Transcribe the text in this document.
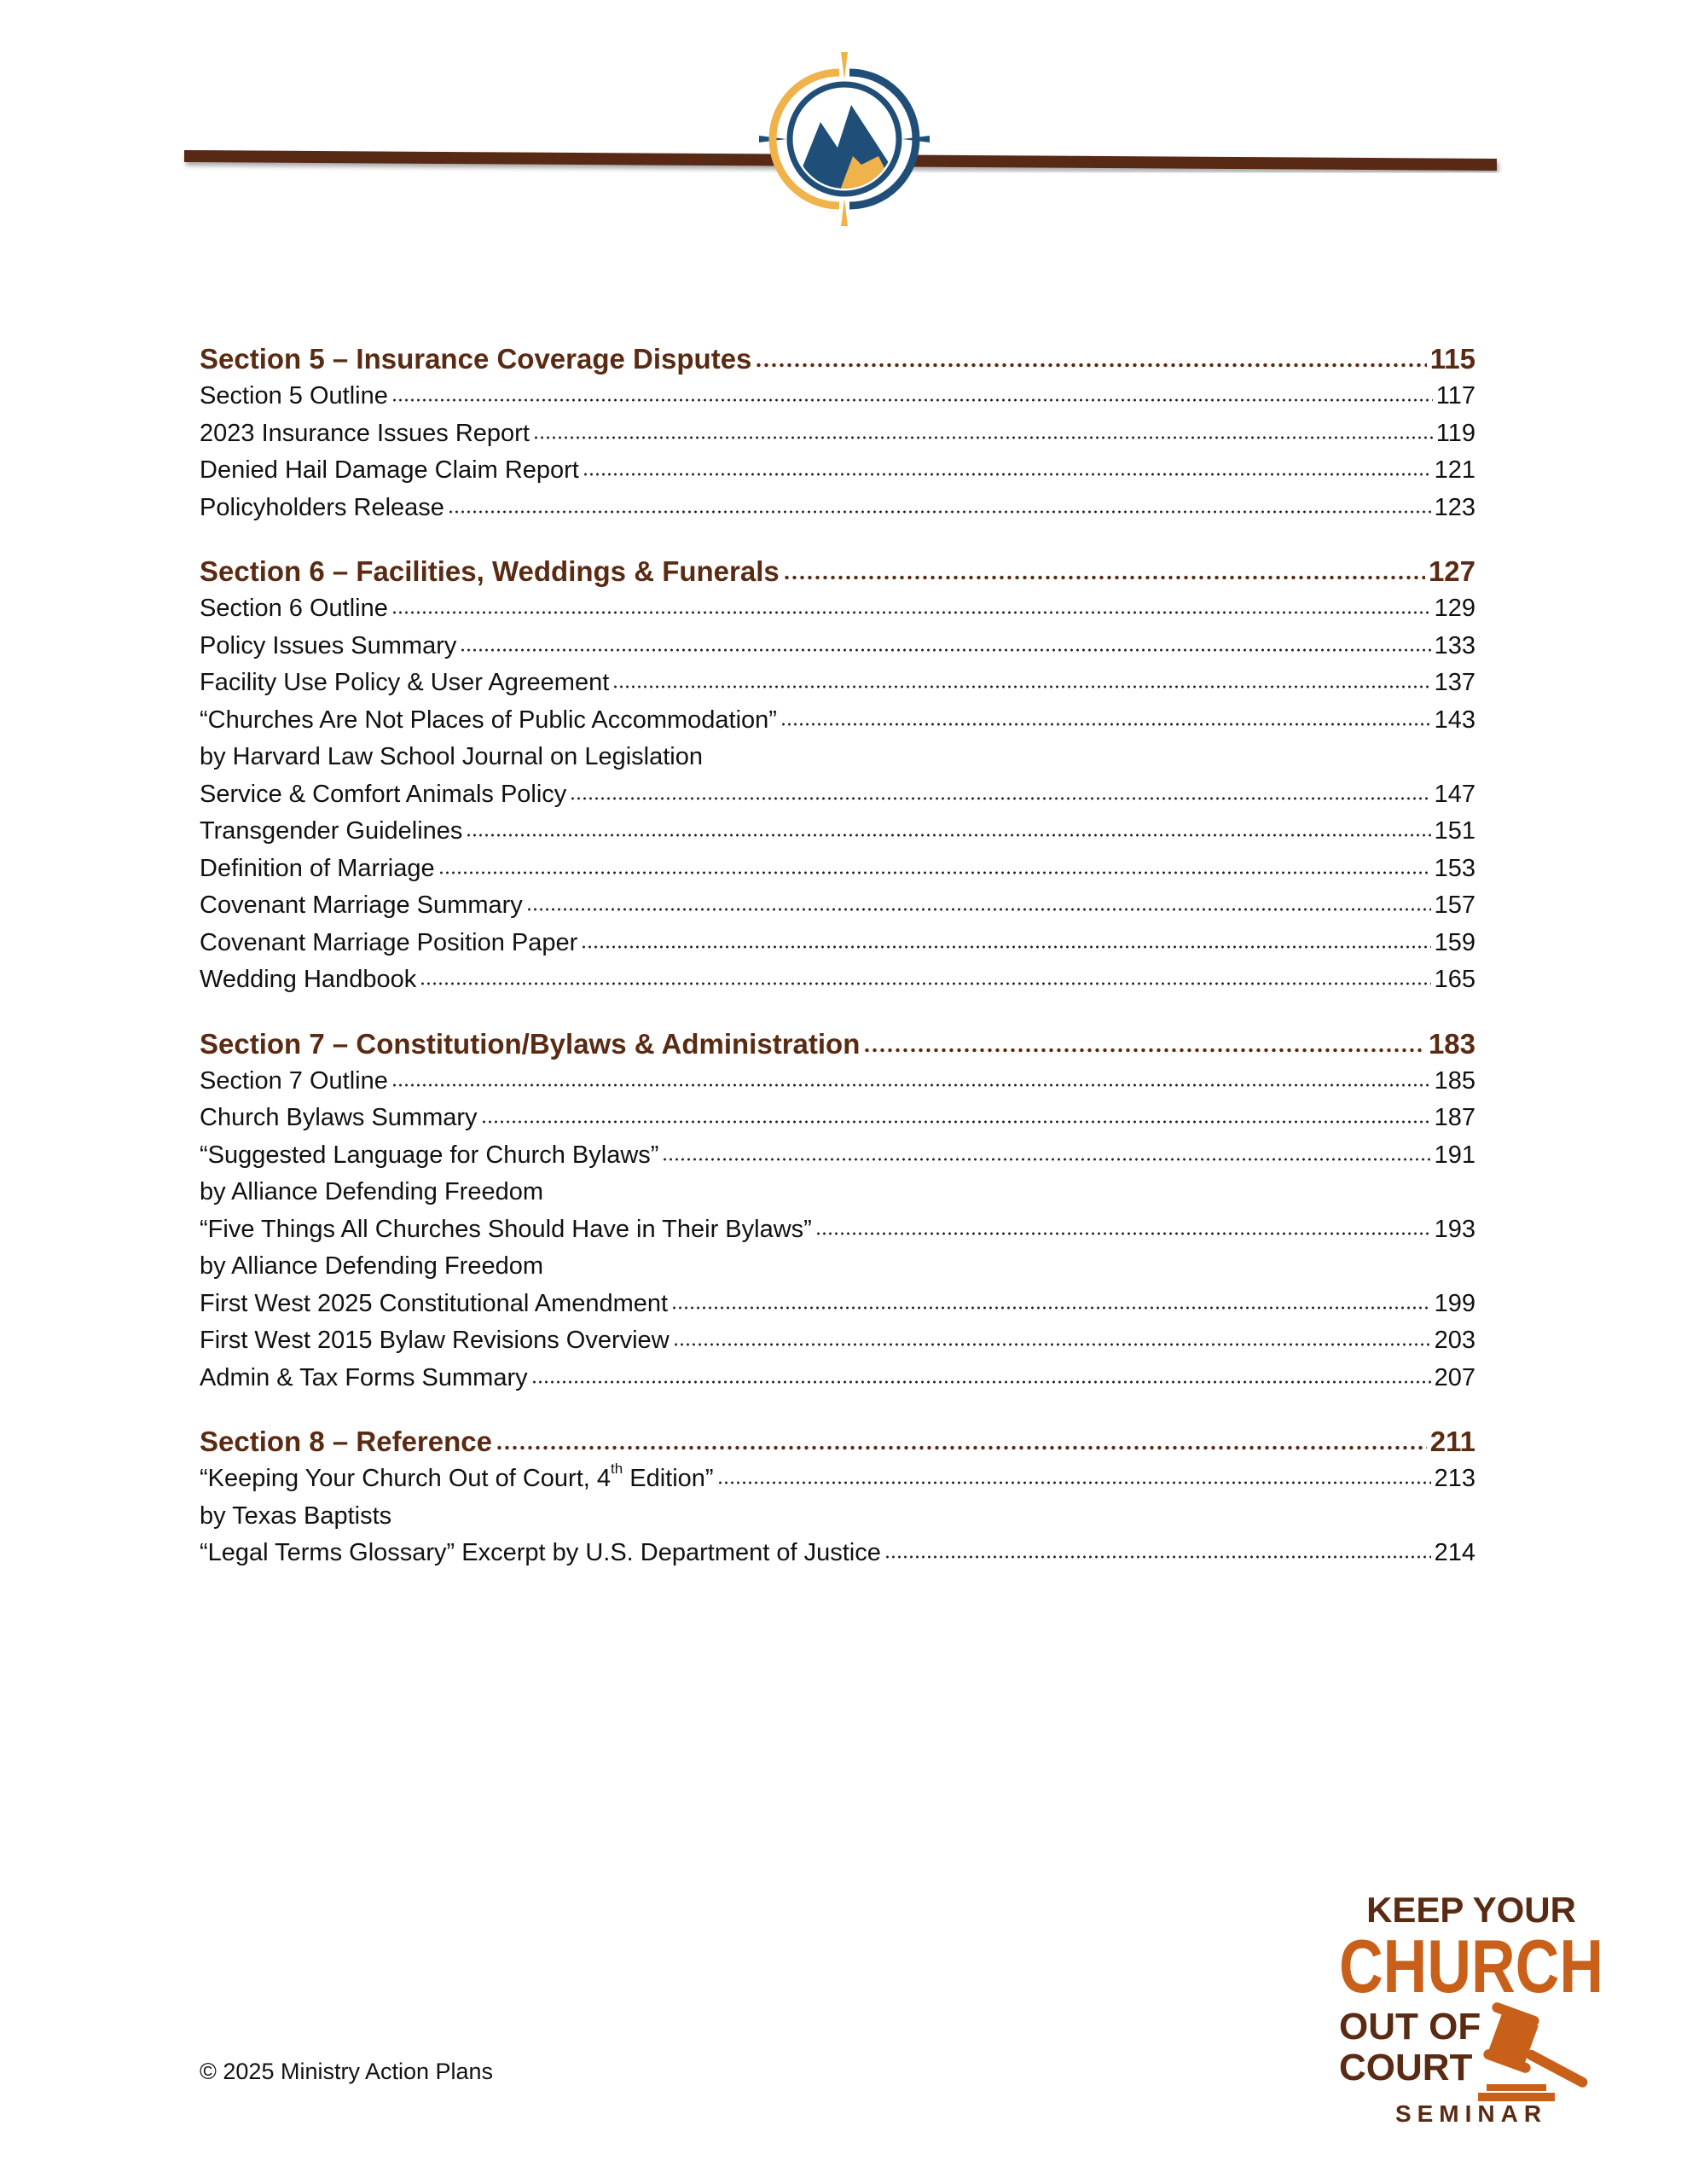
Section 5 – Insurance Coverage Disputes	115
Section 5 Outline	117
2023 Insurance Issues Report	119
Denied Hail Damage Claim Report	121
Policyholders Release	123
Section 6 – Facilities, Weddings & Funerals	127
Section 6 Outline	129
Policy Issues Summary	133
Facility Use Policy & User Agreement	137
“Churches Are Not Places of Public Accommodation”	143
by Harvard Law School Journal on Legislation
Service & Comfort Animals Policy	147
Transgender Guidelines	151
Definition of Marriage	153
Covenant Marriage Summary	157
Covenant Marriage Position Paper	159
Wedding Handbook	165
Section 7 – Constitution/Bylaws & Administration	183
Section 7 Outline	185
Church Bylaws Summary	187
“Suggested Language for Church Bylaws”	191
by Alliance Defending Freedom
“Five Things All Churches Should Have in Their Bylaws”	193
by Alliance Defending Freedom
First West 2025 Constitutional Amendment	199
First West 2015 Bylaw Revisions Overview	203
Admin & Tax Forms Summary	207
Section 8 – Reference	211
“Keeping Your Church Out of Court, 4th Edition”	213
by Texas Baptists
“Legal Terms Glossary” Excerpt by U.S. Department of Justice	214
© 2025 Ministry Action Plans
KEEP YOUR
CHURCH
OUT OF
COURT
SEMINAR
